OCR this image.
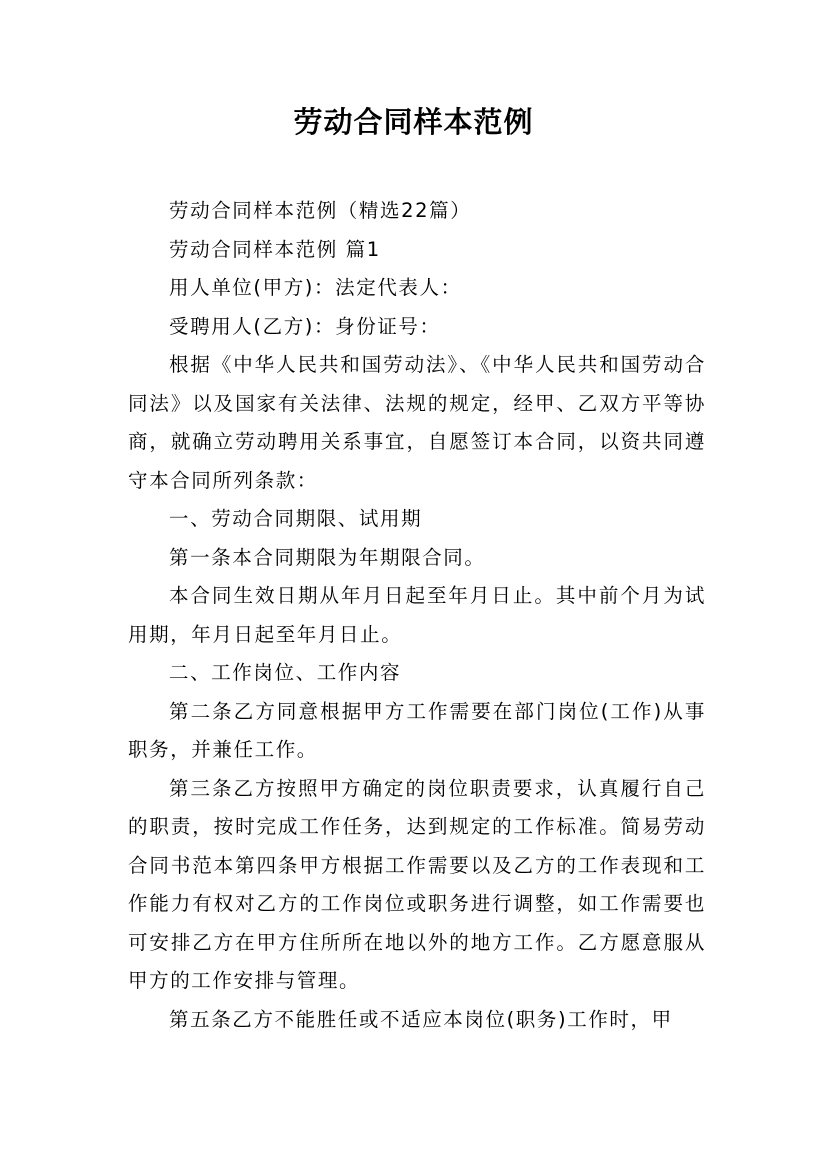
劳动合同样本范例

劳动合同样本范例（精选22篇）

劳动合同样本范例 篇1

用人单位(甲方)：法定代表人：

受聘用人(乙方)：身份证号：

根据《中华人民共和国劳动法》、《中华人民共和国劳动合同法》以及国家有关法律、法规的规定，经甲、乙双方平等协商，就确立劳动聘用关系事宜，自愿签订本合同，以资共同遵守本合同所列条款：

一、劳动合同期限、试用期

第一条本合同期限为年期限合同。

本合同生效日期从年月日起至年月日止。其中前个月为试用期，年月日起至年月日止。

二、工作岗位、工作内容

第二条乙方同意根据甲方工作需要在部门岗位(工作)从事职务，并兼任工作。

第三条乙方按照甲方确定的岗位职责要求，认真履行自己的职责，按时完成工作任务，达到规定的工作标准。简易劳动合同书范本第四条甲方根据工作需要以及乙方的工作表现和工作能力有权对乙方的工作岗位或职务进行调整，如工作需要也可安排乙方在甲方住所所在地以外的地方工作。乙方愿意服从甲方的工作安排与管理。

第五条乙方不能胜任或不适应本岗位(职务)工作时，甲
